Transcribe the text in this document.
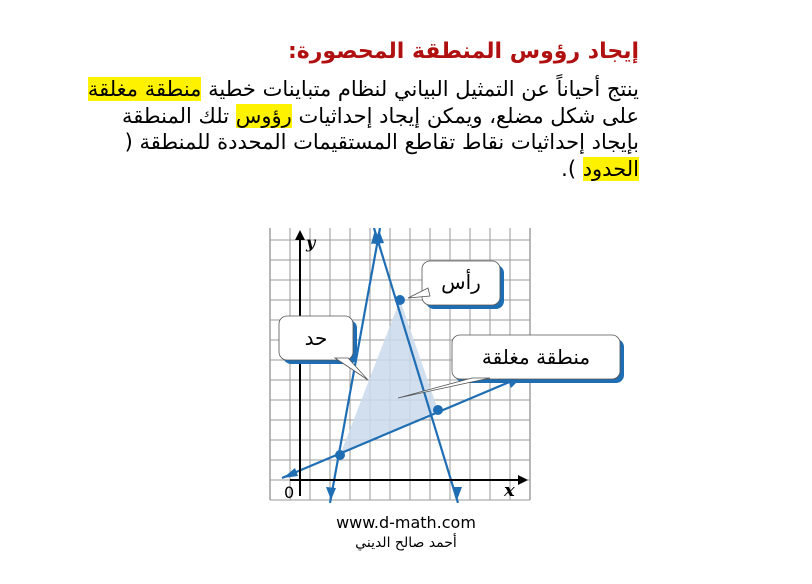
إيجاد رؤوس المنطقة المحصورة:
ينتج أحياناً عن التمثيل البياني لنظام متباينات خطية منطقة مغلقة على شكل مضلع، ويمكن إيجاد إحداثيات رؤوس تلك المنطقة بإيجاد إحداثيات نقاط تقاطع المستقيمات المحددة للمنطقة ( الحدود ).
y
x
0
رأس
حد
منطقة مغلقة
www.d-math.com
أحمد صالح الديني
